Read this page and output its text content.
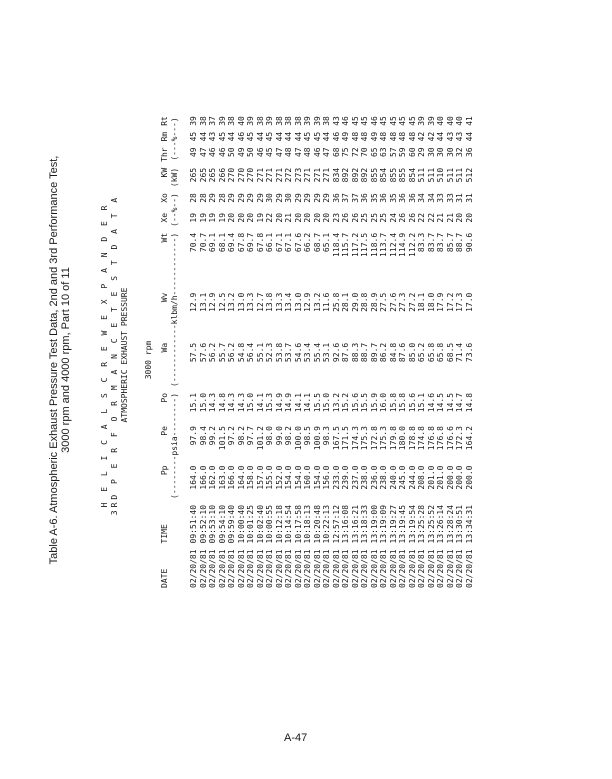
Table A-6. Atmospheric Exhaust Pressure Test Data, 2nd and 3rd Performance Test, 3000 rpm and 4000 rpm, Part 10 of 11	H E L I C A L S C R E W E X P A N D E R 3RD P E R F O R M A N C E T E S T D A T A ATMOSPHERIC EXHAUST PRESSURE 3000 rpm
DATE	TIME	Pp	Pe	Po	Wa	Wv	Wt	Xe	Xo	KW	Thr	Rm	Rt
		(--------psia--------)			(------------klbm/h------------)			(--%--)		(kW)	(---%---)		
02/20/81	09:51:40	164.0	97.9	15.1	57.5	12.9	70.4	19	28	265	49	45	39
02/20/81	09:52:10	166.0	98.4	15.0	57.6	13.1	70.7	19	28	265	47	44	38
02/20/81	09:53:10	162.0	99.2	14.3	56.2	12.9	69.1	19	29	265	46	43	37
02/20/81	09:54:10	163.0	101.5	14.8	55.7	12.5	68.1	19	28	266	46	45	39
02/20/81	09:59:40	166.0	97.2	14.3	56.2	13.2	69.4	20	29	270	50	44	38
02/20/81	10:00:40	164.0	98.2	14.3	54.8	13.0	67.8	20	29	270	49	46	40
02/20/81	10:01:25	158.0	97.7	15.0	56.4	13.3	69.7	20	29	270	50	45	39
02/20/81	10:02:40	157.0	101.2	14.1	55.1	12.7	67.8	19	29	271	46	44	38
02/20/81	10:00:55	155.0	98.0	15.3	52.3	13.8	66.1	22	30	271	45	45	39
02/20/81	10:12:18	152.0	99.0	14.9	53.8	13.3	67.1	20	29	271	47	44	38
02/20/81	10:14:54	154.0	98.2	14.9	53.7	13.4	67.1	21	30	272	48	44	38
02/20/81	10:17:58	154.0	100.0	14.1	54.6	13.0	67.6	20	29	273	47	44	38
02/20/81	10:18:13	160.0	98.5	14.1	53.4	12.9	66.2	20	29	271	48	45	39
02/20/81	10:20:48	154.0	100.9	15.5	55.4	13.2	68.7	20	29	271	46	45	39
02/20/81	10:22:13	156.0	98.3	15.0	53.1	11.6	65.1	20	29	271	47	44	38
02/20/81	12:57:12	233.0	167.5	13.2	92.6	25.8	118.4	23	36	834	68	46	43
02/20/81	13:16:08	239.0	171.5	15.2	87.6	28.1	115.7	26	37	892	75	49	46
02/20/81	13:16:21	237.0	174.3	15.6	88.3	29.0	117.2	26	37	892	72	48	45
02/20/81	13:18:33	238.0	175.3	15.5	88.7	28.8	117.5	25	36	892	70	48	45
02/20/81	13:19:00	236.0	172.8	15.9	89.7	28.9	118.6	25	35	855	65	49	46
02/20/81	13:19:09	238.0	175.3	16.0	86.2	27.5	113.7	25	36	854	63	48	45
02/20/81	13:19:27	240.0	179.8	15.8	84.8	27.6	112.4	24	35	855	57	48	45
02/20/81	13:19:45	245.0	180.0	15.8	87.6	27.3	114.9	26	36	855	59	48	45
02/20/81	13:19:54	244.0	178.8	15.6	85.0	27.2	112.2	26	36	854	60	48	45
02/20/81	13:25:28	208.0	174.8	15.1	65.2	18.1	83.3	22	34	511	29	42	39
02/20/81	13:25:52	201.0	176.8	14.6	65.8	18.0	83.7	22	34	511	30	42	39
02/20/81	13:26:14	201.0	176.8	14.5	65.8	17.9	83.7	21	33	510	30	44	40
02/20/81	13:28:24	200.0	176.6	14.5	68.5	17.2	85.7	21	33	511	30	43	40
02/20/81	13:30:51	200.0	172.3	14.7	71.4	17.3	88.7	20	31	511	32	43	40
02/20/81	13:34:31	200.0	164.2	14.8	73.6	17.0	90.6	20	31	512	36	44	41
A-47
